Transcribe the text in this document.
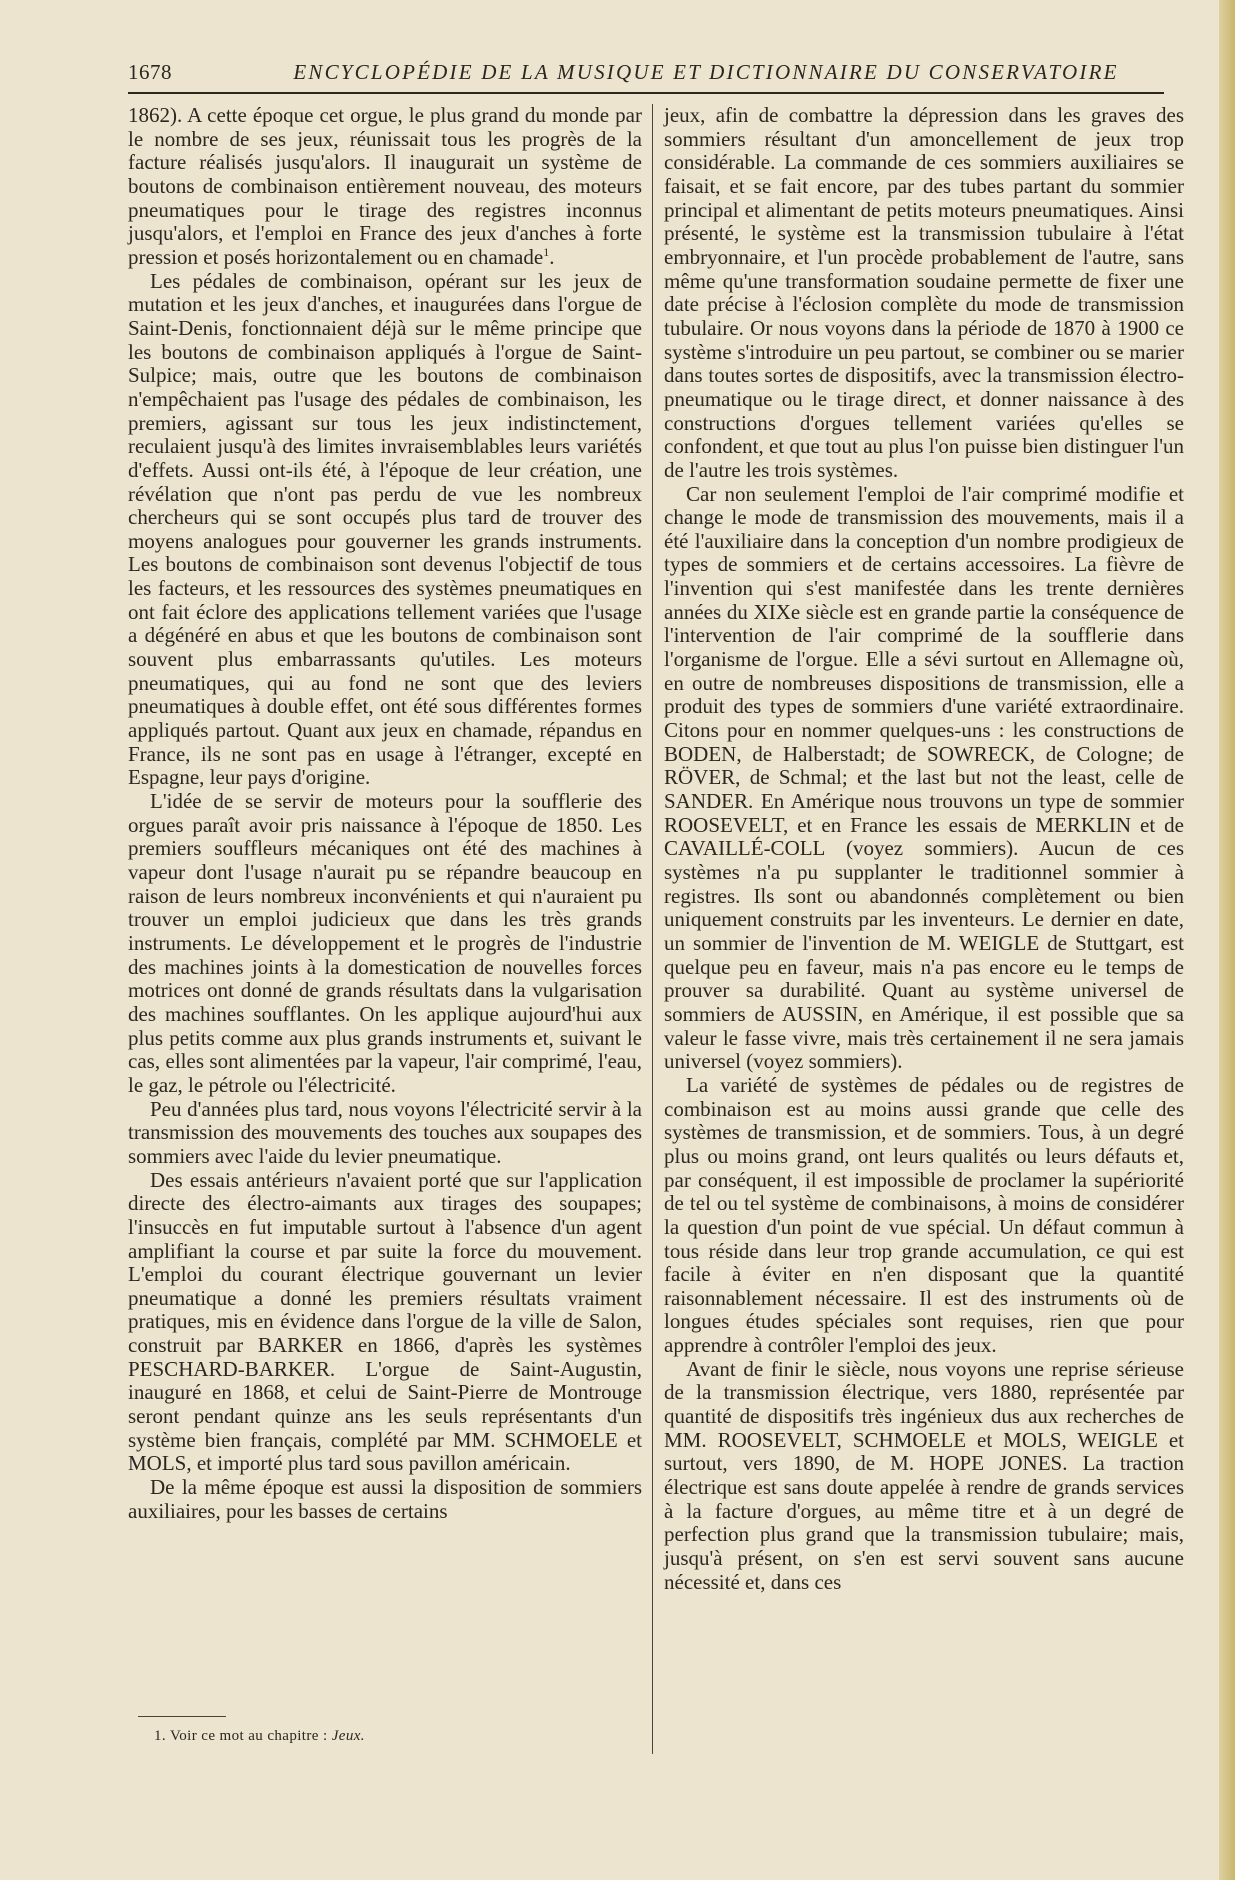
1678	ENCYCLOPÉDIE DE LA MUSIQUE ET DICTIONNAIRE DU CONSERVATOIRE

1862). A cette époque cet orgue, le plus grand du monde par le nombre de ses jeux, réunissait tous les progrès de la facture réalisés jusqu'alors. Il inaugurait un système de boutons de combinaison entièrement nouveau, des moteurs pneumatiques pour le tirage des registres inconnus jusqu'alors, et l'emploi en France des jeux d'anches à forte pression et posés horizontalement ou en chamade$^1$.

Les pédales de combinaison, opérant sur les jeux de mutation et les jeux d'anches, et inaugurées dans l'orgue de Saint-Denis, fonctionnaient déjà sur le même principe que les boutons de combinaison appliqués à l'orgue de Saint-Sulpice; mais, outre que les boutons de combinaison n'empêchaient pas l'usage des pédales de combinaison, les premiers, agissant sur tous les jeux indistinctement, reculaient jusqu'à des limites invraisemblables leurs variétés d'effets. Aussi ont-ils été, à l'époque de leur création, une révélation que n'ont pas perdu de vue les nombreux chercheurs qui se sont occupés plus tard de trouver des moyens analogues pour gouverner les grands instruments. Les boutons de combinaison sont devenus l'objectif de tous les facteurs, et les ressources des systèmes pneumatiques en ont fait éclore des applications tellement variées que l'usage a dégénéré en abus et que les boutons de combinaison sont souvent plus embarrassants qu'utiles. Les moteurs pneumatiques, qui au fond ne sont que des leviers pneumatiques à double effet, ont été sous différentes formes appliqués partout. Quant aux jeux en chamade, répandus en France, ils ne sont pas en usage à l'étranger, excepté en Espagne, leur pays d'origine.

L'idée de se servir de moteurs pour la soufflerie des orgues paraît avoir pris naissance à l'époque de 1850. Les premiers souffleurs mécaniques ont été des machines à vapeur dont l'usage n'aurait pu se répandre beaucoup en raison de leurs nombreux inconvénients et qui n'auraient pu trouver un emploi judicieux que dans les très grands instruments. Le développement et le progrès de l'industrie des machines joints à la domestication de nouvelles forces motrices ont donné de grands résultats dans la vulgarisation des machines soufflantes. On les applique aujourd'hui aux plus petits comme aux plus grands instruments et, suivant le cas, elles sont alimentées par la vapeur, l'air comprimé, l'eau, le gaz, le pétrole ou l'électricité.

Peu d'années plus tard, nous voyons l'électricité servir à la transmission des mouvements des touches aux soupapes des sommiers avec l'aide du levier pneumatique.

Des essais antérieurs n'avaient porté que sur l'application directe des électro-aimants aux tirages des soupapes; l'insuccès en fut imputable surtout à l'absence d'un agent amplifiant la course et par suite la force du mouvement. L'emploi du courant électrique gouvernant un levier pneumatique a donné les premiers résultats vraiment pratiques, mis en évidence dans l'orgue de la ville de Salon, construit par BARKER en 1866, d'après les systèmes PESCHARD-BARKER. L'orgue de Saint-Augustin, inauguré en 1868, et celui de Saint-Pierre de Montrouge seront pendant quinze ans les seuls représentants d'un système bien français, complété par MM. SCHMOELE et MOLS, et importé plus tard sous pavillon américain.

De la même époque est aussi la disposition de sommiers auxiliaires, pour les basses de certains

jeux, afin de combattre la dépression dans les graves des sommiers résultant d'un amoncellement de jeux trop considérable. La commande de ces sommiers auxiliaires se faisait, et se fait encore, par des tubes partant du sommier principal et alimentant de petits moteurs pneumatiques. Ainsi présenté, le système est la transmission tubulaire à l'état embryonnaire, et l'un procède probablement de l'autre, sans même qu'une transformation soudaine permette de fixer une date précise à l'éclosion complète du mode de transmission tubulaire. Or nous voyons dans la période de 1870 à 1900 ce système s'introduire un peu partout, se combiner ou se marier dans toutes sortes de dispositifs, avec la transmission électro-pneumatique ou le tirage direct, et donner naissance à des constructions d'orgues tellement variées qu'elles se confondent, et que tout au plus l'on puisse bien distinguer l'un de l'autre les trois systèmes.

Car non seulement l'emploi de l'air comprimé modifie et change le mode de transmission des mouvements, mais il a été l'auxiliaire dans la conception d'un nombre prodigieux de types de sommiers et de certains accessoires. La fièvre de l'invention qui s'est manifestée dans les trente dernières années du XIXe siècle est en grande partie la conséquence de l'intervention de l'air comprimé de la soufflerie dans l'organisme de l'orgue. Elle a sévi surtout en Allemagne où, en outre de nombreuses dispositions de transmission, elle a produit des types de sommiers d'une variété extraordinaire. Citons pour en nommer quelques-uns : les constructions de BODEN, de Halberstadt; de SOWRECK, de Cologne; de RÖVER, de Schmal; et the last but not the least, celle de SANDER. En Amérique nous trouvons un type de sommier ROOSEVELT, et en France les essais de MERKLIN et de CAVAILLÉ-COLL (voyez sommiers). Aucun de ces systèmes n'a pu supplanter le traditionnel sommier à registres. Ils sont ou abandonnés complètement ou bien uniquement construits par les inventeurs. Le dernier en date, un sommier de l'invention de M. WEIGLE de Stuttgart, est quelque peu en faveur, mais n'a pas encore eu le temps de prouver sa durabilité. Quant au système universel de sommiers de AUSSIN, en Amérique, il est possible que sa valeur le fasse vivre, mais très certainement il ne sera jamais universel (voyez sommiers).

La variété de systèmes de pédales ou de registres de combinaison est au moins aussi grande que celle des systèmes de transmission, et de sommiers. Tous, à un degré plus ou moins grand, ont leurs qualités ou leurs défauts et, par conséquent, il est impossible de proclamer la supériorité de tel ou tel système de combinaisons, à moins de considérer la question d'un point de vue spécial. Un défaut commun à tous réside dans leur trop grande accumulation, ce qui est facile à éviter en n'en disposant que la quantité raisonnablement nécessaire. Il est des instruments où de longues études spéciales sont requises, rien que pour apprendre à contrôler l'emploi des jeux.

Avant de finir le siècle, nous voyons une reprise sérieuse de la transmission électrique, vers 1880, représentée par quantité de dispositifs très ingénieux dus aux recherches de MM. ROOSEVELT, SCHMOELE et MOLS, WEIGLE et surtout, vers 1890, de M. HOPE JONES. La traction électrique est sans doute appelée à rendre de grands services à la facture d'orgues, au même titre et à un degré de perfection plus grand que la transmission tubulaire; mais, jusqu'à présent, on s'en est servi souvent sans aucune nécessité et, dans ces

1. Voir ce mot au chapitre : Jeux.
